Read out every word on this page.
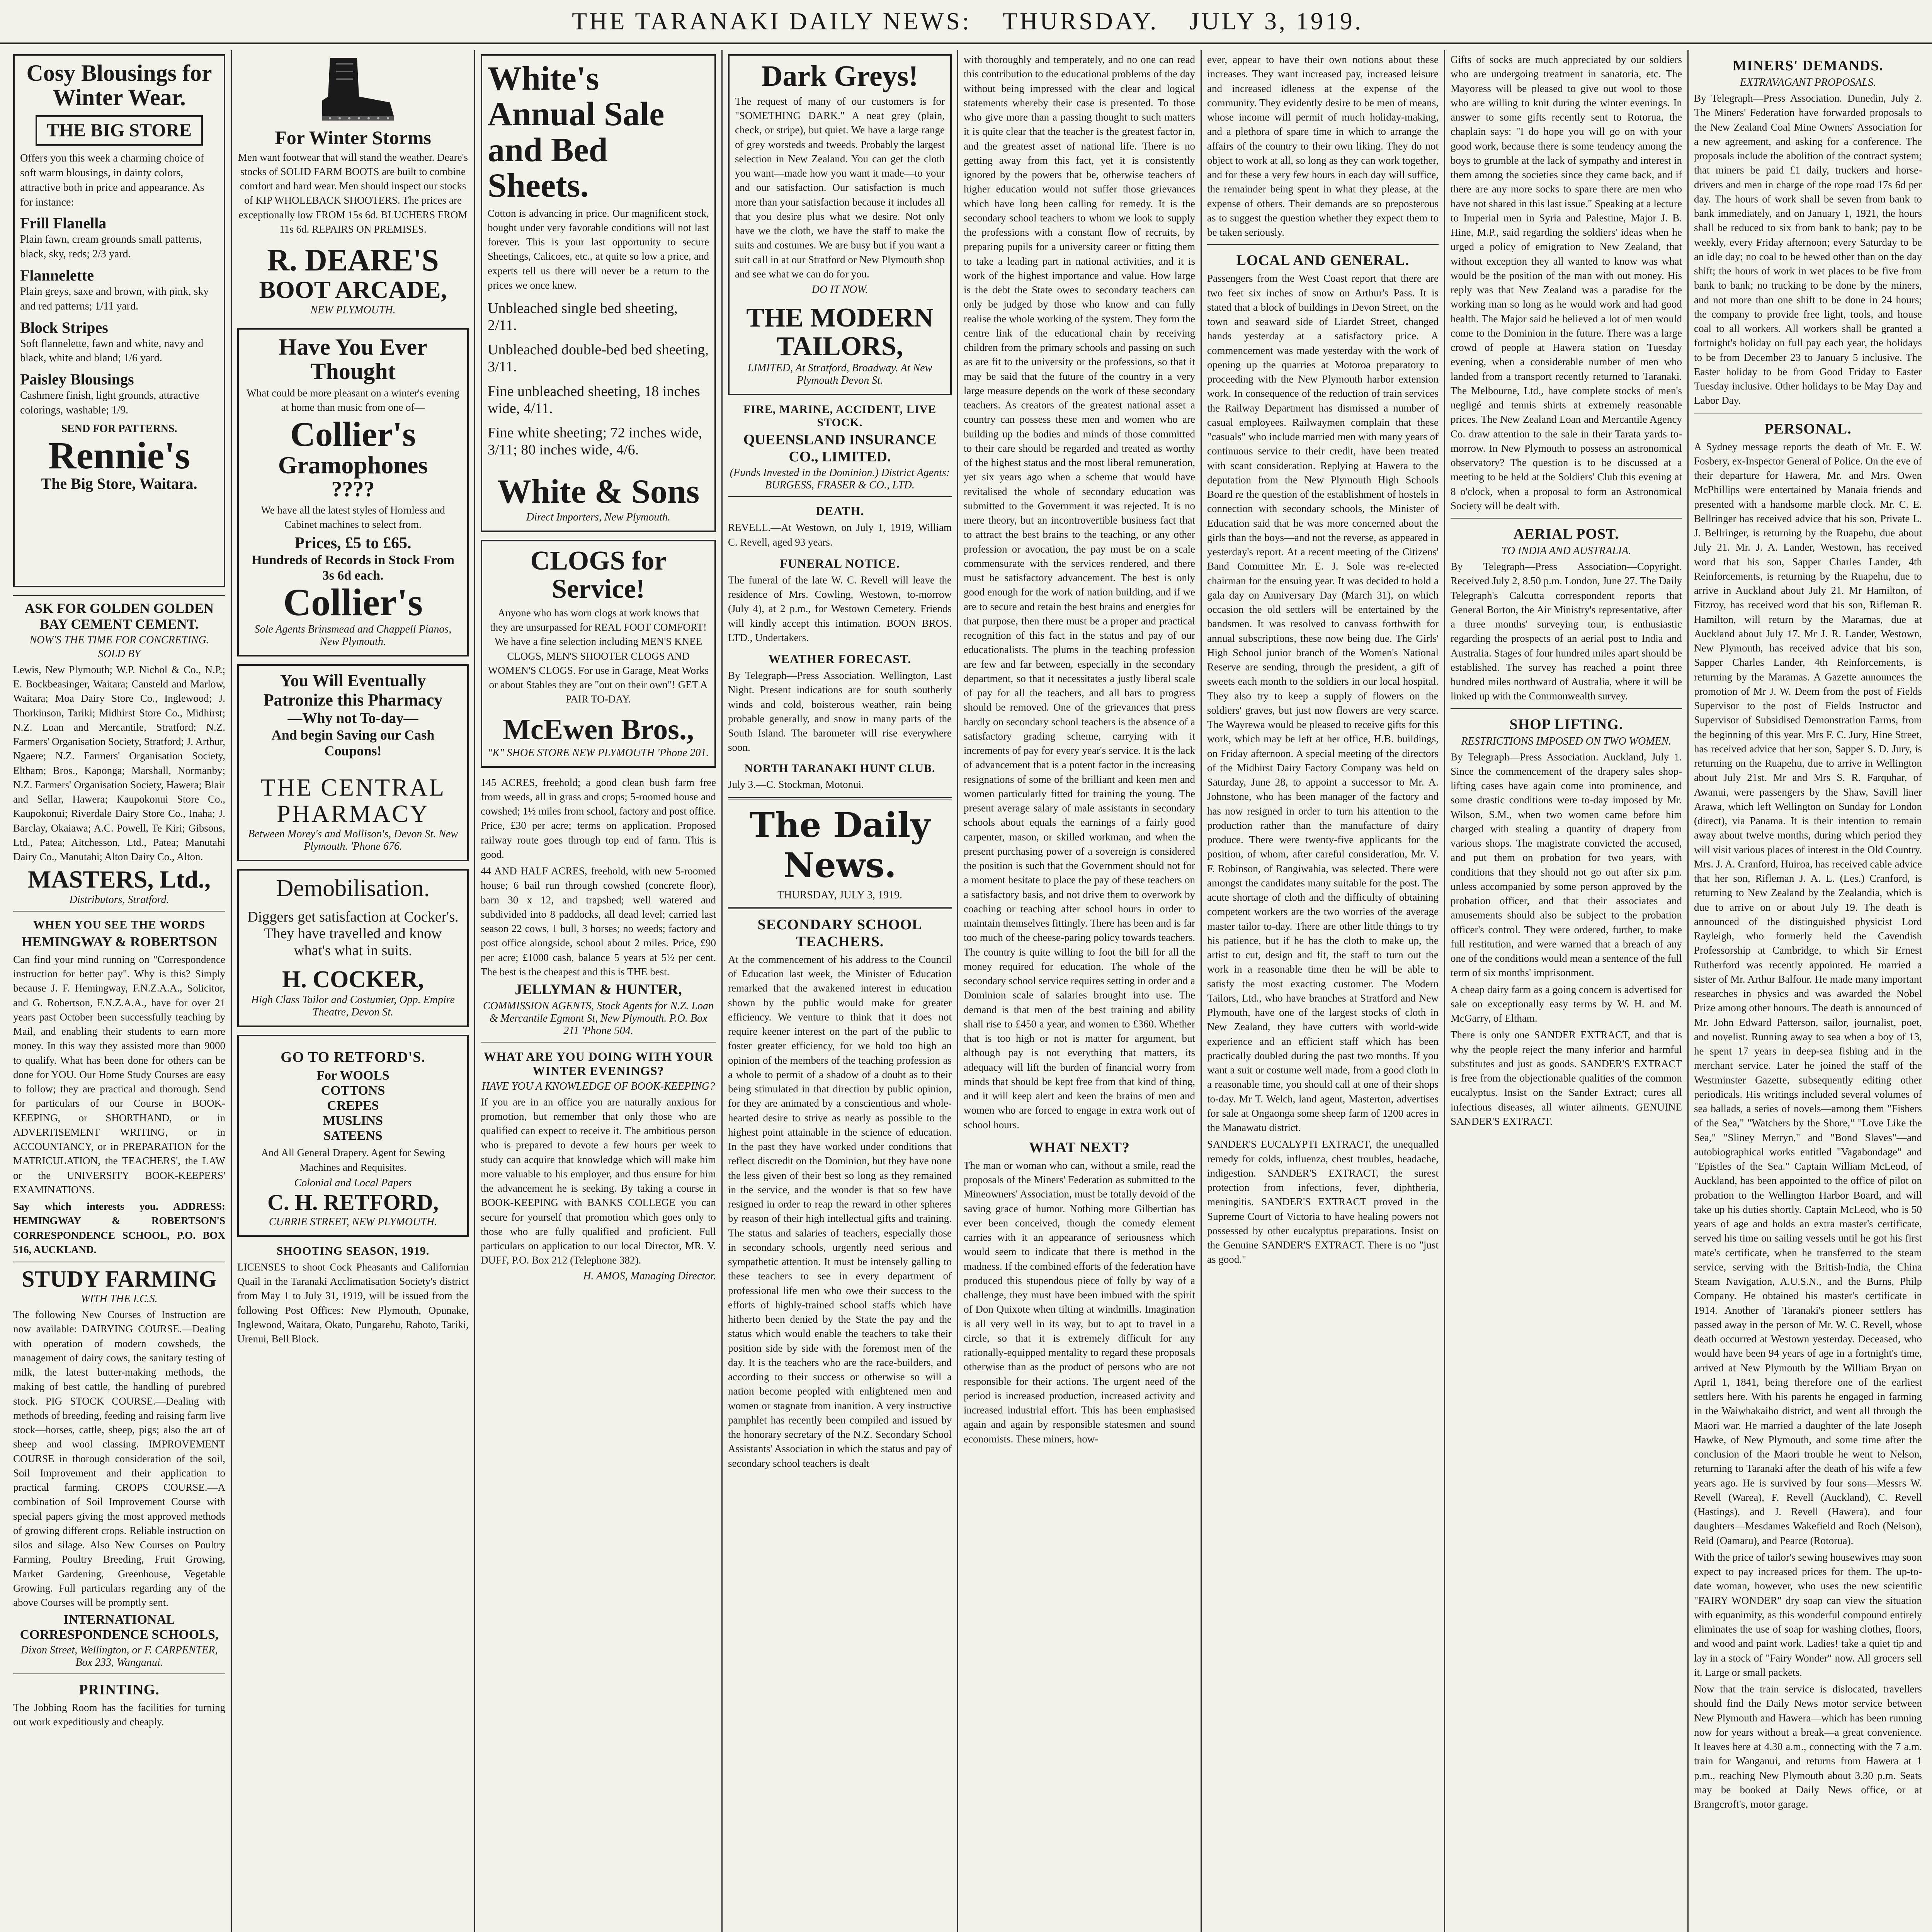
THE TARANAKI DAILY NEWS: THURSDAY. JULY 3, 1919.
Cosy Blousings for Winter Wear.
THE BIG STORE
Offers you this week a charming choice of soft warm blousings, in dainty colors, attractive both in price and appearance. As for instance:
Frill Flanella
Plain fawn, cream grounds small patterns, black, sky, reds; 2/3 yard.
Flannelette
Plain greys, saxe and brown, with pink, sky and red patterns; 1/11 yard.
Block Stripes
Soft flannelette, fawn and white, navy and black, white and bland; 1/6 yard.
Paisley Blousings
Cashmere finish, light grounds, attractive colorings, washable; 1/9.
SEND FOR PATTERNS.
Rennie's
The Big Store, Waitara.
ASK FOR GOLDEN GOLDEN BAY CEMENT CEMENT.
NOW'S THE TIME FOR CONCRETING.
SOLD BY
Lewis, New Plymouth; W.P. Nichol & Co., N.P.; E. Bockbeasinger, Waitara; Cansteld and Marlow, Waitara; Moa Dairy Store Co., Inglewood; J. Thorkinson, Tariki; Midhirst Store Co., Midhirst; N.Z. Loan and Mercantile, Stratford; N.Z. Farmers' Organisation Society, Stratford; J. Arthur, Ngaere; N.Z. Farmers' Organisation Society, Eltham; Bros., Kaponga; Marshall, Normanby; N.Z. Farmers' Organisation Society, Hawera; Blair and Sellar, Hawera; Kaupokonui Store Co., Kaupokonui; Riverdale Dairy Store Co., Inaha; J. Barclay, Okaiawa; A.C. Powell, Te Kiri; Gibsons, Ltd., Patea; Aitchesson, Ltd., Patea; Manutahi Dairy Co., Manutahi; Alton Dairy Co., Alton.
MASTERS, Ltd.,
Distributors, Stratford.
WHEN YOU SEE THE WORDS
HEMINGWAY & ROBERTSON
Can find your mind running on "Correspondence instruction for better pay". Why is this? Simply because J. F. Hemingway, F.N.Z.A.A., Solicitor, and G. Robertson, F.N.Z.A.A., have for over 21 years past October been successfully teaching by Mail, and enabling their students to earn more money. In this way they assisted more than 9000 to qualify. What has been done for others can be done for YOU. Our Home Study Courses are easy to follow; they are practical and thorough. Send for particulars of our Course in BOOK-KEEPING, or SHORTHAND, or in ADVERTISEMENT WRITING, or in ACCOUNTANCY, or in PREPARATION for the MATRICULATION, the TEACHERS', the LAW or the UNIVERSITY BOOK-KEEPERS' EXAMINATIONS.
Say which interests you. ADDRESS: HEMINGWAY & ROBERTSON'S CORRESPONDENCE SCHOOL, P.O. BOX 516, AUCKLAND.
STUDY FARMING
WITH THE I.C.S.
The following New Courses of Instruction are now available: DAIRYING COURSE.—Dealing with operation of modern cowsheds, the management of dairy cows, the sanitary testing of milk, the latest butter-making methods, the making of best cattle, the handling of purebred stock. PIG STOCK COURSE.—Dealing with methods of breeding, feeding and raising farm live stock—horses, cattle, sheep, pigs; also the art of sheep and wool classing. IMPROVEMENT COURSE in thorough consideration of the soil, Soil Improvement and their application to practical farming. CROPS COURSE.—A combination of Soil Improvement Course with special papers giving the most approved methods of growing different crops. Reliable instruction on silos and silage. Also New Courses on Poultry Farming, Poultry Breeding, Fruit Growing, Market Gardening, Greenhouse, Vegetable Growing. Full particulars regarding any of the above Courses will be promptly sent.
INTERNATIONAL CORRESPONDENCE SCHOOLS,
Dixon Street, Wellington, or F. CARPENTER, Box 233, Wanganui.
PRINTING.
The Jobbing Room has the facilities for turning out work expeditiously and cheaply.
For Winter Storms
Men want footwear that will stand the weather. Deare's stocks of SOLID FARM BOOTS are built to combine comfort and hard wear. Men should inspect our stocks of KIP WHOLEBACK SHOOTERS. The prices are exceptionally low FROM 15s 6d. BLUCHERS FROM 11s 6d. REPAIRS ON PREMISES.
R. DEARE'S
BOOT ARCADE,
NEW PLYMOUTH.
Have You Ever Thought
What could be more pleasant on a winter's evening at home than music from one of—
Collier's
Gramophones
????
We have all the latest styles of Hornless and Cabinet machines to select from.
Prices, £5 to £65.
Hundreds of Records in Stock From 3s 6d each.
Collier's
Sole Agents Brinsmead and Chappell Pianos, New Plymouth.
You Will Eventually Patronize this Pharmacy
—Why not To-day—
And begin Saving our Cash Coupons!
THE CENTRAL PHARMACY
Between Morey's and Mollison's, Devon St. New Plymouth. 'Phone 676.
Demobilisation.
Diggers get satisfaction at Cocker's. They have travelled and know what's what in suits.
H. COCKER,
High Class Tailor and Costumier, Opp. Empire Theatre, Devon St.
GO TO RETFORD'S.
For WOOLS
COTTONS
CREPES
MUSLINS
SATEENS
And All General Drapery. Agent for Sewing Machines and Requisites.
Colonial and Local Papers
C. H. RETFORD,
CURRIE STREET, NEW PLYMOUTH.
SHOOTING SEASON, 1919.
LICENSES to shoot Cock Pheasants and Californian Quail in the Taranaki Acclimatisation Society's district from May 1 to July 31, 1919, will be issued from the following Post Offices: New Plymouth, Opunake, Inglewood, Waitara, Okato, Pungarehu, Raboto, Tariki, Urenui, Bell Block.
White's Annual Sale and Bed Sheets.
Cotton is advancing in price. Our magnificent stock, bought under very favorable conditions will not last forever. This is your last opportunity to secure Sheetings, Calicoes, etc., at quite so low a price, and experts tell us there will never be a return to the prices we once knew.
Unbleached single bed sheeting, 2/11.
Unbleached double-bed bed sheeting, 3/11.
Fine unbleached sheeting, 18 inches wide, 4/11.
Fine white sheeting; 72 inches wide, 3/11; 80 inches wide, 4/6.
White & Sons
Direct Importers, New Plymouth.
CLOGS for Service!
Anyone who has worn clogs at work knows that they are unsurpassed for REAL FOOT COMFORT! We have a fine selection including MEN'S KNEE CLOGS, MEN'S SHOOTER CLOGS AND WOMEN'S CLOGS. For use in Garage, Meat Works or about Stables they are "out on their own"! GET A PAIR TO-DAY.
McEwen Bros.,
"K" SHOE STORE NEW PLYMOUTH 'Phone 201.
145 ACRES, freehold; a good clean bush farm free from weeds, all in grass and crops; 5-roomed house and cowshed; 1½ miles from school, factory and post office. Price, £30 per acre; terms on application. Proposed railway route goes through top end of farm. This is good.
44 AND HALF ACRES, freehold, with new 5-roomed house; 6 bail run through cowshed (concrete floor), barn 30 x 12, and trapshed; well watered and subdivided into 8 paddocks, all dead level; carried last season 22 cows, 1 bull, 3 horses; no weeds; factory and post office alongside, school about 2 miles. Price, £90 per acre; £1000 cash, balance 5 years at 5½ per cent. The best is the cheapest and this is THE best.
JELLYMAN & HUNTER,
COMMISSION AGENTS, Stock Agents for N.Z. Loan & Mercantile Egmont St, New Plymouth. P.O. Box 211 'Phone 504.
WHAT ARE YOU DOING WITH YOUR WINTER EVENINGS?
HAVE YOU A KNOWLEDGE OF BOOK-KEEPING?
If you are in an office you are naturally anxious for promotion, but remember that only those who are qualified can expect to receive it. The ambitious person who is prepared to devote a few hours per week to study can acquire that knowledge which will make him more valuable to his employer, and thus ensure for him the advancement he is seeking. By taking a course in BOOK-KEEPING with BANKS COLLEGE you can secure for yourself that promotion which goes only to those who are fully qualified and proficient. Full particulars on application to our local Director, MR. V. DUFF, P.O. Box 212 (Telephone 382).
H. AMOS, Managing Director.
Dark Greys!
The request of many of our customers is for "SOMETHING DARK." A neat grey (plain, check, or stripe), but quiet. We have a large range of grey worsteds and tweeds. Probably the largest selection in New Zealand. You can get the cloth you want—made how you want it made—to your and our satisfaction. Our satisfaction is much more than your satisfaction because it includes all that you desire plus what we desire. Not only have we the cloth, we have the staff to make the suits and costumes. We are busy but if you want a suit call in at our Stratford or New Plymouth shop and see what we can do for you.
DO IT NOW.
THE MODERN TAILORS,
LIMITED, At Stratford, Broadway. At New Plymouth Devon St.
FIRE, MARINE, ACCIDENT, LIVE STOCK.
QUEENSLAND INSURANCE CO., LIMITED.
(Funds Invested in the Dominion.) District Agents: BURGESS, FRASER & CO., LTD.
DEATH.
REVELL.—At Westown, on July 1, 1919, William C. Revell, aged 93 years.
FUNERAL NOTICE.
The funeral of the late W. C. Revell will leave the residence of Mrs. Cowling, Westown, to-morrow (July 4), at 2 p.m., for Westown Cemetery. Friends will kindly accept this intimation. BOON BROS. LTD., Undertakers.
WEATHER FORECAST.
By Telegraph—Press Association. Wellington, Last Night. Present indications are for south southerly winds and cold, boisterous weather, rain being probable generally, and snow in many parts of the South Island. The barometer will rise everywhere soon.
NORTH TARANAKI HUNT CLUB.
July 3.—C. Stockman, Motonui.
The Daily News.
THURSDAY, JULY 3, 1919.
SECONDARY SCHOOL TEACHERS.
At the commencement of his address to the Council of Education last week, the Minister of Education remarked that the awakened interest in education shown by the public would make for greater efficiency. We venture to think that it does not require keener interest on the part of the public to foster greater efficiency, for we hold too high an opinion of the members of the teaching profession as a whole to permit of a shadow of a doubt as to their being stimulated in that direction by public opinion, for they are animated by a conscientious and whole-hearted desire to strive as nearly as possible to the highest point attainable in the science of education. In the past they have worked under conditions that reflect discredit on the Dominion, but they have none the less given of their best so long as they remained in the service, and the wonder is that so few have resigned in order to reap the reward in other spheres by reason of their high intellectual gifts and training. The status and salaries of teachers, especially those in secondary schools, urgently need serious and sympathetic attention. It must be intensely galling to these teachers to see in every department of professional life men who owe their success to the efforts of highly-trained school staffs which have hitherto been denied by the State the pay and the status which would enable the teachers to take their position side by side with the foremost men of the day. It is the teachers who are the race-builders, and according to their success or otherwise so will a nation become peopled with enlightened men and women or stagnate from inanition. A very instructive pamphlet has recently been compiled and issued by the honorary secretary of the N.Z. Secondary School Assistants' Association in which the status and pay of secondary school teachers is dealt
with thoroughly and temperately, and no one can read this contribution to the educational problems of the day without being impressed with the clear and logical statements whereby their case is presented. To those who give more than a passing thought to such matters it is quite clear that the teacher is the greatest factor in, and the greatest asset of national life. There is no getting away from this fact, yet it is consistently ignored by the powers that be, otherwise teachers of higher education would not suffer those grievances which have long been calling for remedy. It is the secondary school teachers to whom we look to supply the professions with a constant flow of recruits, by preparing pupils for a university career or fitting them to take a leading part in national activities, and it is work of the highest importance and value. How large is the debt the State owes to secondary teachers can only be judged by those who know and can fully realise the whole working of the system. They form the centre link of the educational chain by receiving children from the primary schools and passing on such as are fit to the university or the professions, so that it may be said that the future of the country in a very large measure depends on the work of these secondary teachers. As creators of the greatest national asset a country can possess these men and women who are building up the bodies and minds of those committed to their care should be regarded and treated as worthy of the highest status and the most liberal remuneration, yet six years ago when a scheme that would have revitalised the whole of secondary education was submitted to the Government it was rejected. It is no mere theory, but an incontrovertible business fact that to attract the best brains to the teaching, or any other profession or avocation, the pay must be on a scale commensurate with the services rendered, and there must be satisfactory advancement. The best is only good enough for the work of nation building, and if we are to secure and retain the best brains and energies for that purpose, then there must be a proper and practical recognition of this fact in the status and pay of our educationalists. The plums in the teaching profession are few and far between, especially in the secondary department, so that it necessitates a justly liberal scale of pay for all the teachers, and all bars to progress should be removed. One of the grievances that press hardly on secondary school teachers is the absence of a satisfactory grading scheme, carrying with it increments of pay for every year's service. It is the lack of advancement that is a potent factor in the increasing resignations of some of the brilliant and keen men and women particularly fitted for training the young. The present average salary of male assistants in secondary schools about equals the earnings of a fairly good carpenter, mason, or skilled workman, and when the present purchasing power of a sovereign is considered the position is such that the Government should not for a moment hesitate to place the pay of these teachers on a satisfactory basis, and not drive them to overwork by coaching or teaching after school hours in order to maintain themselves fittingly. There has been and is far too much of the cheese-paring policy towards teachers. The country is quite willing to foot the bill for all the money required for education. The whole of the secondary school service requires setting in order and a Dominion scale of salaries brought into use. The demand is that men of the best training and ability shall rise to £450 a year, and women to £360. Whether that is too high or not is matter for argument, but although pay is not everything that matters, its adequacy will lift the burden of financial worry from minds that should be kept free from that kind of thing, and it will keep alert and keen the brains of men and women who are forced to engage in extra work out of school hours.
WHAT NEXT?
The man or woman who can, without a smile, read the proposals of the Miners' Federation as submitted to the Mineowners' Association, must be totally devoid of the saving grace of humor. Nothing more Gilbertian has ever been conceived, though the comedy element carries with it an appearance of seriousness which would seem to indicate that there is method in the madness. If the combined efforts of the federation have produced this stupendous piece of folly by way of a challenge, they must have been imbued with the spirit of Don Quixote when tilting at windmills. Imagination is all very well in its way, but to apt to travel in a circle, so that it is extremely difficult for any rationally-equipped mentality to regard these proposals otherwise than as the product of persons who are not responsible for their actions. The urgent need of the period is increased production, increased activity and increased industrial effort. This has been emphasised again and again by responsible statesmen and sound economists. These miners, how-
ever, appear to have their own notions about these increases. They want increased pay, increased leisure and increased idleness at the expense of the community. They evidently desire to be men of means, whose income will permit of much holiday-making, and a plethora of spare time in which to arrange the affairs of the country to their own liking. They do not object to work at all, so long as they can work together, and for these a very few hours in each day will suffice, the remainder being spent in what they please, at the expense of others. Their demands are so preposterous as to suggest the question whether they expect them to be taken seriously.
LOCAL AND GENERAL.
Passengers from the West Coast report that there are two feet six inches of snow on Arthur's Pass. It is stated that a block of buildings in Devon Street, on the town and seaward side of Liardet Street, changed hands yesterday at a satisfactory price. A commencement was made yesterday with the work of opening up the quarries at Motoroa preparatory to proceeding with the New Plymouth harbor extension work. In consequence of the reduction of train services the Railway Department has dismissed a number of casual employees. Railwaymen complain that these "casuals" who include married men with many years of continuous service to their credit, have been treated with scant consideration. Replying at Hawera to the deputation from the New Plymouth High Schools Board re the question of the establishment of hostels in connection with secondary schools, the Minister of Education said that he was more concerned about the girls than the boys—and not the reverse, as appeared in yesterday's report. At a recent meeting of the Citizens' Band Committee Mr. E. J. Sole was re-elected chairman for the ensuing year. It was decided to hold a gala day on Anniversary Day (March 31), on which occasion the old settlers will be entertained by the bandsmen. It was resolved to canvass forthwith for annual subscriptions, these now being due. The Girls' High School junior branch of the Women's National Reserve are sending, through the president, a gift of sweets each month to the soldiers in our local hospital. They also try to keep a supply of flowers on the soldiers' graves, but just now flowers are very scarce. The Wayrewa would be pleased to receive gifts for this work, which may be left at her office, H.B. buildings, on Friday afternoon. A special meeting of the directors of the Midhirst Dairy Factory Company was held on Saturday, June 28, to appoint a successor to Mr. A. Johnstone, who has been manager of the factory and has now resigned in order to turn his attention to the production rather than the manufacture of dairy produce. There were twenty-five applicants for the position, of whom, after careful consideration, Mr. V. F. Robinson, of Rangiwahia, was selected. There were amongst the candidates many suitable for the post. The acute shortage of cloth and the difficulty of obtaining competent workers are the two worries of the average master tailor to-day. There are other little things to try his patience, but if he has the cloth to make up, the artist to cut, design and fit, the staff to turn out the work in a reasonable time then he will be able to satisfy the most exacting customer. The Modern Tailors, Ltd., who have branches at Stratford and New Plymouth, have one of the largest stocks of cloth in New Zealand, they have cutters with world-wide experience and an efficient staff which has been practically doubled during the past two months. If you want a suit or costume well made, from a good cloth in a reasonable time, you should call at one of their shops to-day. Mr T. Welch, land agent, Masterton, advertises for sale at Ongaonga some sheep farm of 1200 acres in the Manawatu district.
SANDER'S EUCALYPTI EXTRACT, the unequalled remedy for colds, influenza, chest troubles, headache, indigestion. SANDER'S EXTRACT, the surest protection from infections, fever, diphtheria, meningitis. SANDER'S EXTRACT proved in the Supreme Court of Victoria to have healing powers not possessed by other eucalyptus preparations. Insist on the Genuine SANDER'S EXTRACT. There is no "just as good."
Gifts of socks are much appreciated by our soldiers who are undergoing treatment in sanatoria, etc. The Mayoress will be pleased to give out wool to those who are willing to knit during the winter evenings. In answer to some gifts recently sent to Rotorua, the chaplain says: "I do hope you will go on with your good work, because there is some tendency among the boys to grumble at the lack of sympathy and interest in them among the societies since they came back, and if there are any more socks to spare there are men who have not shared in this last issue." Speaking at a lecture to Imperial men in Syria and Palestine, Major J. B. Hine, M.P., said regarding the soldiers' ideas when he urged a policy of emigration to New Zealand, that without exception they all wanted to know was what would be the position of the man with out money. His reply was that New Zealand was a paradise for the working man so long as he would work and had good health. The Major said he believed a lot of men would come to the Dominion in the future. There was a large crowd of people at Hawera station on Tuesday evening, when a considerable number of men who landed from a transport recently returned to Taranaki. The Melbourne, Ltd., have complete stocks of men's negligé and tennis shirts at extremely reasonable prices. The New Zealand Loan and Mercantile Agency Co. draw attention to the sale in their Tarata yards to-morrow. In New Plymouth to possess an astronomical observatory? The question is to be discussed at a meeting to be held at the Soldiers' Club this evening at 8 o'clock, when a proposal to form an Astronomical Society will be dealt with.
AERIAL POST.
TO INDIA AND AUSTRALIA.
By Telegraph—Press Association—Copyright. Received July 2, 8.50 p.m. London, June 27. The Daily Telegraph's Calcutta correspondent reports that General Borton, the Air Ministry's representative, after a three months' surveying tour, is enthusiastic regarding the prospects of an aerial post to India and Australia. Stages of four hundred miles apart should be established. The survey has reached a point three hundred miles northward of Australia, where it will be linked up with the Commonwealth survey.
SHOP LIFTING.
RESTRICTIONS IMPOSED ON TWO WOMEN.
By Telegraph—Press Association. Auckland, July 1. Since the commencement of the drapery sales shop-lifting cases have again come into prominence, and some drastic conditions were to-day imposed by Mr. Wilson, S.M., when two women came before him charged with stealing a quantity of drapery from various shops. The magistrate convicted the accused, and put them on probation for two years, with conditions that they should not go out after six p.m. unless accompanied by some person approved by the probation officer, and that their associates and amusements should also be subject to the probation officer's control. They were ordered, further, to make full restitution, and were warned that a breach of any one of the conditions would mean a sentence of the full term of six months' imprisonment.
A cheap dairy farm as a going concern is advertised for sale on exceptionally easy terms by W. H. and M. McGarry, of Eltham.
There is only one SANDER EXTRACT, and that is why the people reject the many inferior and harmful substitutes and just as goods. SANDER'S EXTRACT is free from the objectionable qualities of the common eucalyptus. Insist on the Sander Extract; cures all infectious diseases, all winter ailments. GENUINE SANDER'S EXTRACT.
MINERS' DEMANDS.
EXTRAVAGANT PROPOSALS.
By Telegraph—Press Association. Dunedin, July 2. The Miners' Federation have forwarded proposals to the New Zealand Coal Mine Owners' Association for a new agreement, and asking for a conference. The proposals include the abolition of the contract system; that miners be paid £1 daily, truckers and horse-drivers and men in charge of the rope road 17s 6d per day. The hours of work shall be seven from bank to bank immediately, and on January 1, 1921, the hours shall be reduced to six from bank to bank; pay to be weekly, every Friday afternoon; every Saturday to be an idle day; no coal to be hewed other than on the day shift; the hours of work in wet places to be five from bank to bank; no trucking to be done by the miners, and not more than one shift to be done in 24 hours; the company to provide free light, tools, and house coal to all workers. All workers shall be granted a fortnight's holiday on full pay each year, the holidays to be from December 23 to January 5 inclusive. The Easter holiday to be from Good Friday to Easter Tuesday inclusive. Other holidays to be May Day and Labor Day.
PERSONAL.
A Sydney message reports the death of Mr. E. W. Fosbery, ex-Inspector General of Police. On the eve of their departure for Hawera, Mr. and Mrs. Owen McPhillips were entertained by Manaia friends and presented with a handsome marble clock. Mr. C. E. Bellringer has received advice that his son, Private L. J. Bellringer, is returning by the Ruapehu, due about July 21. Mr. J. A. Lander, Westown, has received word that his son, Sapper Charles Lander, 4th Reinforcements, is returning by the Ruapehu, due to arrive in Auckland about July 21. Mr Hamilton, of Fitzroy, has received word that his son, Rifleman R. Hamilton, will return by the Maramas, due at Auckland about July 17. Mr J. R. Lander, Westown, New Plymouth, has received advice that his son, Sapper Charles Lander, 4th Reinforcements, is returning by the Maramas. A Gazette announces the promotion of Mr J. W. Deem from the post of Fields Supervisor to the post of Fields Instructor and Supervisor of Subsidised Demonstration Farms, from the beginning of this year. Mrs F. C. Jury, Hine Street, has received advice that her son, Sapper S. D. Jury, is returning on the Ruapehu, due to arrive in Wellington about July 21st. Mr and Mrs S. R. Farquhar, of Awanui, were passengers by the Shaw, Savill liner Arawa, which left Wellington on Sunday for London (direct), via Panama. It is their intention to remain away about twelve months, during which period they will visit various places of interest in the Old Country. Mrs. J. A. Cranford, Huiroa, has received cable advice that her son, Rifleman J. A. L. (Les.) Cranford, is returning to New Zealand by the Zealandia, which is due to arrive on or about July 19. The death is announced of the distinguished physicist Lord Rayleigh, who formerly held the Cavendish Professorship at Cambridge, to which Sir Ernest Rutherford was recently appointed. He married a sister of Mr. Arthur Balfour. He made many important researches in physics and was awarded the Nobel Prize among other honours. The death is announced of Mr. John Edward Patterson, sailor, journalist, poet, and novelist. Running away to sea when a boy of 13, he spent 17 years in deep-sea fishing and in the merchant service. Later he joined the staff of the Westminster Gazette, subsequently editing other periodicals. His writings included several volumes of sea ballads, a series of novels—among them "Fishers of the Sea," "Watchers by the Shore," "Love Like the Sea," "Sliney Merryn," and "Bond Slaves"—and autobiographical works entitled "Vagabondage" and "Epistles of the Sea." Captain William McLeod, of Auckland, has been appointed to the office of pilot on probation to the Wellington Harbor Board, and will take up his duties shortly. Captain McLeod, who is 50 years of age and holds an extra master's certificate, served his time on sailing vessels until he got his first mate's certificate, when he transferred to the steam service, serving with the British-India, the China Steam Navigation, A.U.S.N., and the Burns, Philp Company. He obtained his master's certificate in 1914. Another of Taranaki's pioneer settlers has passed away in the person of Mr. W. C. Revell, whose death occurred at Westown yesterday. Deceased, who would have been 94 years of age in a fortnight's time, arrived at New Plymouth by the William Bryan on April 1, 1841, being therefore one of the earliest settlers here. With his parents he engaged in farming in the Waiwhakaiho district, and went all through the Maori war. He married a daughter of the late Joseph Hawke, of New Plymouth, and some time after the conclusion of the Maori trouble he went to Nelson, returning to Taranaki after the death of his wife a few years ago. He is survived by four sons—Messrs W. Revell (Warea), F. Revell (Auckland), C. Revell (Hastings), and J. Revell (Hawera), and four daughters—Mesdames Wakefield and Roch (Nelson), Reid (Oamaru), and Pearce (Rotorua).
With the price of tailor's sewing housewives may soon expect to pay increased prices for them. The up-to-date woman, however, who uses the new scientific "FAIRY WONDER" dry soap can view the situation with equanimity, as this wonderful compound entirely eliminates the use of soap for washing clothes, floors, and wood and paint work. Ladies! take a quiet tip and lay in a stock of "Fairy Wonder" now. All grocers sell it. Large or small packets.
Now that the train service is dislocated, travellers should find the Daily News motor service between New Plymouth and Hawera—which has been running now for years without a break—a great convenience. It leaves here at 4.30 a.m., connecting with the 7 a.m. train for Wanganui, and returns from Hawera at 1 p.m., reaching New Plymouth about 3.30 p.m. Seats may be booked at Daily News office, or at Brangcroft's, motor garage.
